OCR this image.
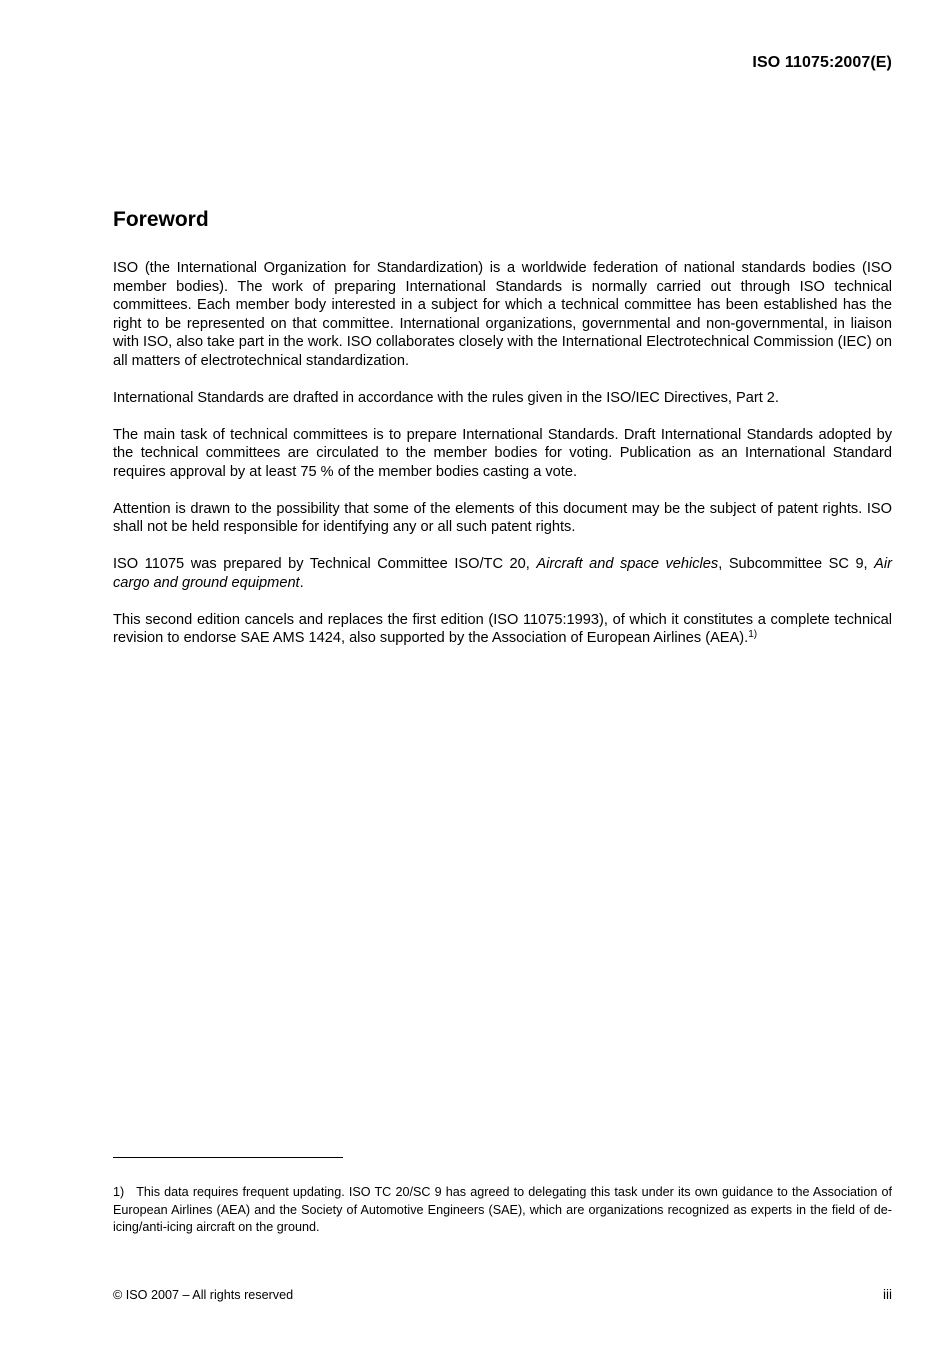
ISO 11075:2007(E)
Foreword

ISO (the International Organization for Standardization) is a worldwide federation of national standards bodies (ISO member bodies). The work of preparing International Standards is normally carried out through ISO technical committees. Each member body interested in a subject for which a technical committee has been established has the right to be represented on that committee. International organizations, governmental and non-governmental, in liaison with ISO, also take part in the work. ISO collaborates closely with the International Electrotechnical Commission (IEC) on all matters of electrotechnical standardization.

International Standards are drafted in accordance with the rules given in the ISO/IEC Directives, Part 2.

The main task of technical committees is to prepare International Standards. Draft International Standards adopted by the technical committees are circulated to the member bodies for voting. Publication as an International Standard requires approval by at least 75 % of the member bodies casting a vote.

Attention is drawn to the possibility that some of the elements of this document may be the subject of patent rights. ISO shall not be held responsible for identifying any or all such patent rights.

ISO 11075 was prepared by Technical Committee ISO/TC 20, Aircraft and space vehicles, Subcommittee SC 9, Air cargo and ground equipment.

This second edition cancels and replaces the first edition (ISO 11075:1993), of which it constitutes a complete technical revision to endorse SAE AMS 1424, also supported by the Association of European Airlines (AEA).$^{1)}$

1) This data requires frequent updating. ISO TC 20/SC 9 has agreed to delegating this task under its own guidance to the Association of European Airlines (AEA) and the Society of Automotive Engineers (SAE), which are organizations recognized as experts in the field of de-icing/anti-icing aircraft on the ground.

© ISO 2007 – All rights reserved	iii
